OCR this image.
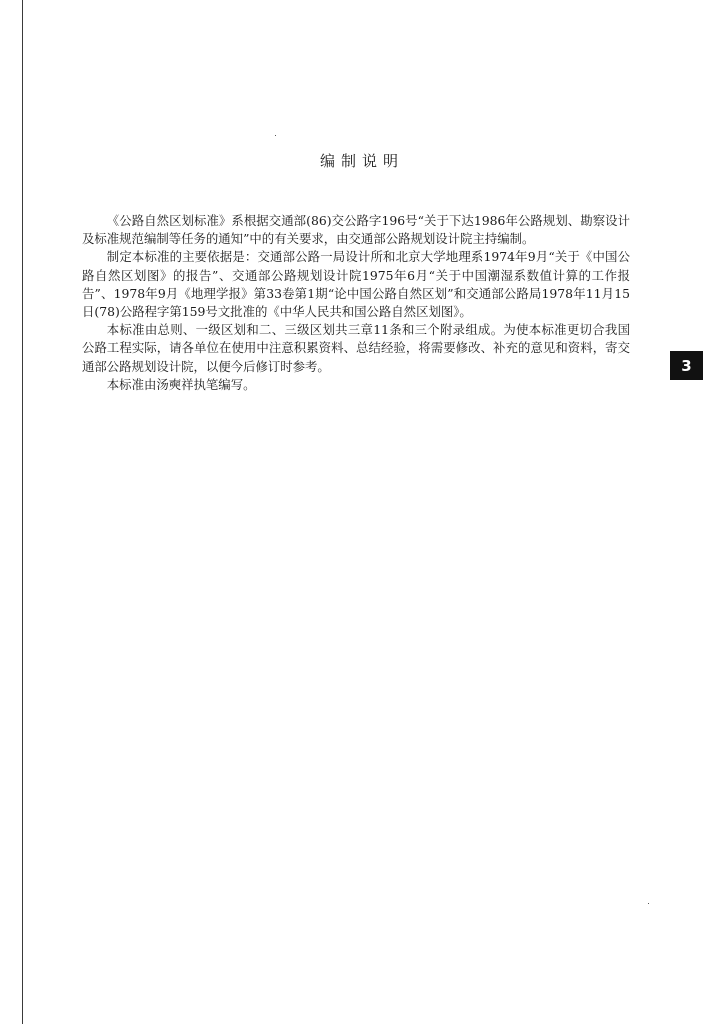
编制说明

《公路自然区划标准》系根据交通部(86)交公路字196号“关于下达1986年公路规划、勘察设计及标准规范编制等任务的通知”中的有关要求，由交通部公路规划设计院主持编制。

制定本标准的主要依据是：交通部公路一局设计所和北京大学地理系1974年9月“关于《中国公路自然区划图》的报告”、交通部公路规划设计院1975年6月“关于中国潮湿系数值计算的工作报告”、1978年9月《地理学报》第33卷第1期“论中国公路自然区划”和交通部公路局1978年11月15日(78)公路程字第159号文批准的《中华人民共和国公路自然区划图》。

本标准由总则、一级区划和二、三级区划共三章11条和三个附录组成。为使本标准更切合我国公路工程实际，请各单位在使用中注意积累资料、总结经验，将需要修改、补充的意见和资料，寄交通部公路规划设计院，以便今后修订时参考。

本标准由汤奭祥执笔编写。

3
